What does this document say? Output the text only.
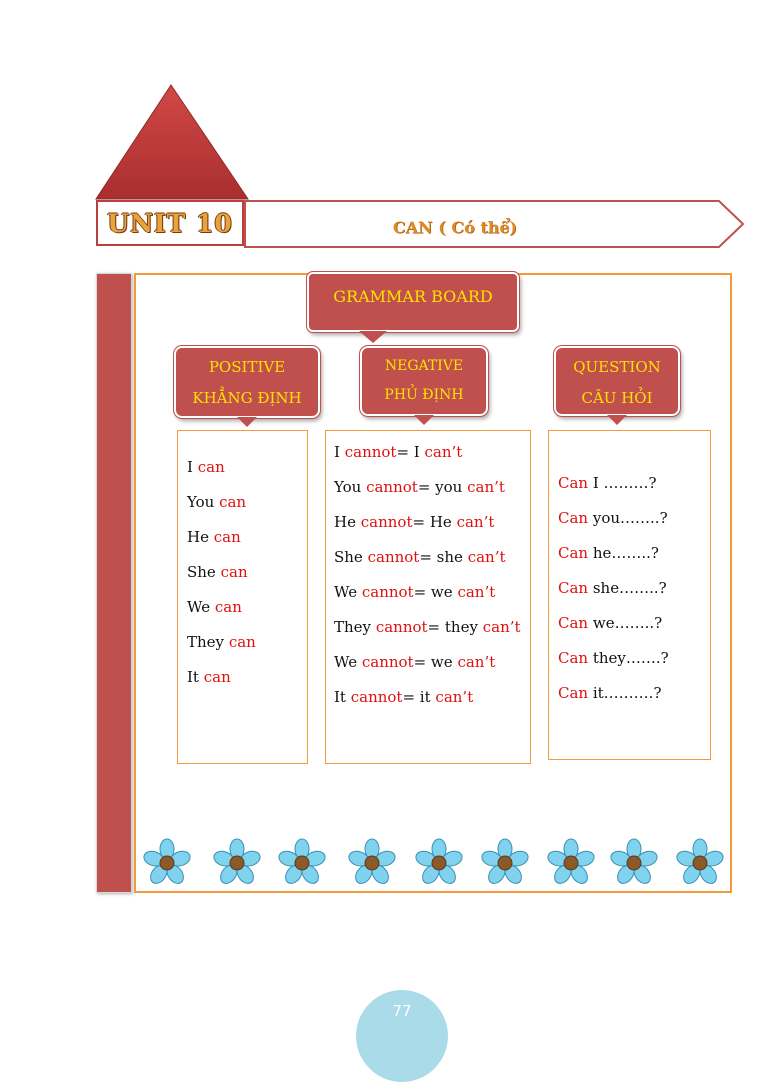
UNIT 10	CAN ( Có thể)
GRAMMAR BOARD
POSITIVE
KHẲNG ĐỊNH
NEGATIVE
PHỦ ĐỊNH
QUESTION
CÂU HỎI
I can
You can
He can
She can
We can
They can
It can
I cannot= I can’t
You cannot= you can’t
He cannot= He can’t
She cannot= she can’t
We cannot= we can’t
They cannot= they can’t
We cannot= we can’t
It cannot= it can’t
Can I ………?
Can you……..?
Can he……..?
Can she……..?
Can we……..?
Can they…….?
Can it……….?
77
